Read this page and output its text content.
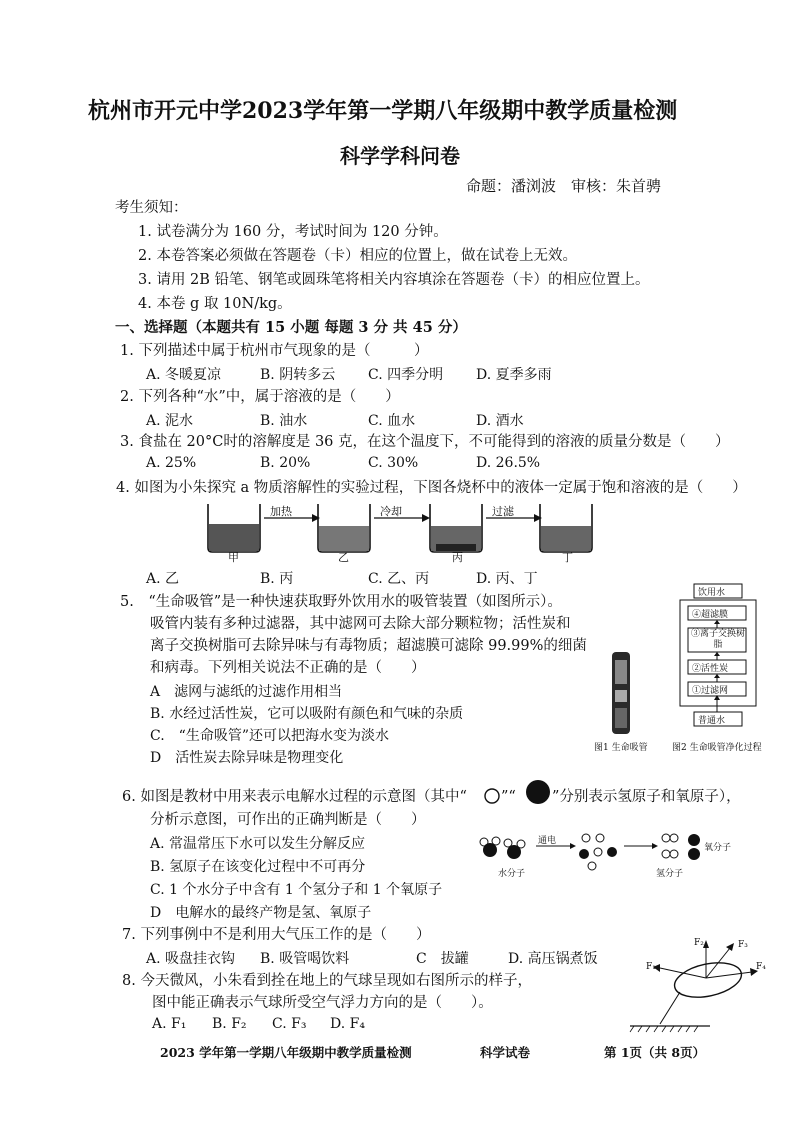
杭州市开元中学2023学年第一学期八年级期中教学质量检测
科学学科问卷
命题：潘浏波　审核：朱首骋
考生须知：
1. 试卷满分为 160 分，考试时间为 120 分钟。
2. 本卷答案必须做在答题卷（卡）相应的位置上，做在试卷上无效。
3. 请用 2B 铅笔、钢笔或圆珠笔将相关内容填涂在答题卷（卡）的相应位置上。
4. 本卷 g 取 10N/kg。
一、选择题（本题共有 15 小题 每题 3 分 共 45 分）
1. 下列描述中属于杭州市气现象的是（　　　）
A. 冬暖夏凉	B. 阴转多云 C. 四季分明 D. 夏季多雨
2. 下列各种“水”中，属于溶液的是（　　）
A. 泥水	B. 油水	C. 血水	D. 酒水
3. 食盐在 20°C时的溶解度是 36 克，在这个温度下，不可能得到的溶液的质量分数是（　　）
A. 25%	B. 20%	C. 30%	D. 26.5%
4. 如图为小朱探究 a 物质溶解性的实验过程，下图各烧杯中的液体一定属于饱和溶液的是（　　）
加热	冷却	过滤
甲	乙	丙	丁
A. 乙	B. 丙	C. 乙、丙	D. 丙、丁
5.　“生命吸管”是一种快速获取野外饮用水的吸管装置（如图所示）。
吸管内装有多种过滤器，其中滤网可去除大部分颗粒物；活性炭和
离子交换树脂可去除异味与有毒物质；超滤膜可滤除 99.99%的细菌
和病毒。下列相关说法不正确的是（　　）
A　滤网与滤纸的过滤作用相当
B. 水经过活性炭，它可以吸附有颜色和气味的杂质
C.　“生命吸管”还可以把海水变为淡水
D　活性炭去除异味是物理变化
图1 生命吸管
饮用水
④超滤膜
③离子交换树脂
②活性炭
①过滤网
普通水
图2 生命吸管净化过程
6. 如图是教材中用来表示电解水过程的示意图（其中“ ”“ ”分别表示氢原子和氧原子），
分析示意图，可作出的正确判断是（　　）
A. 常温常压下水可以发生分解反应
B. 氢原子在该变化过程中不可再分
C. 1 个水分子中含有 1 个氢分子和 1 个氧原子
D　电解水的最终产物是氢、氧原子
通电
水分子	氢分子
氧分子
7. 下列事例中不是利用大气压工作的是（　　）
A. 吸盘挂衣钩 B. 吸管喝饮料	C　拔罐	D. 高压锅煮饭
8. 今天微风，小朱看到拴在地上的气球呈现如右图所示的样子，
图中能正确表示气球所受空气浮力方向的是（　　）。
A. F₁ B. F₂ C. F₃ D. F₄
F₁
F₂	F₃
F₄
2023 学年第一学期八年级期中教学质量检测	科学试卷	第 1页（共 8页）
